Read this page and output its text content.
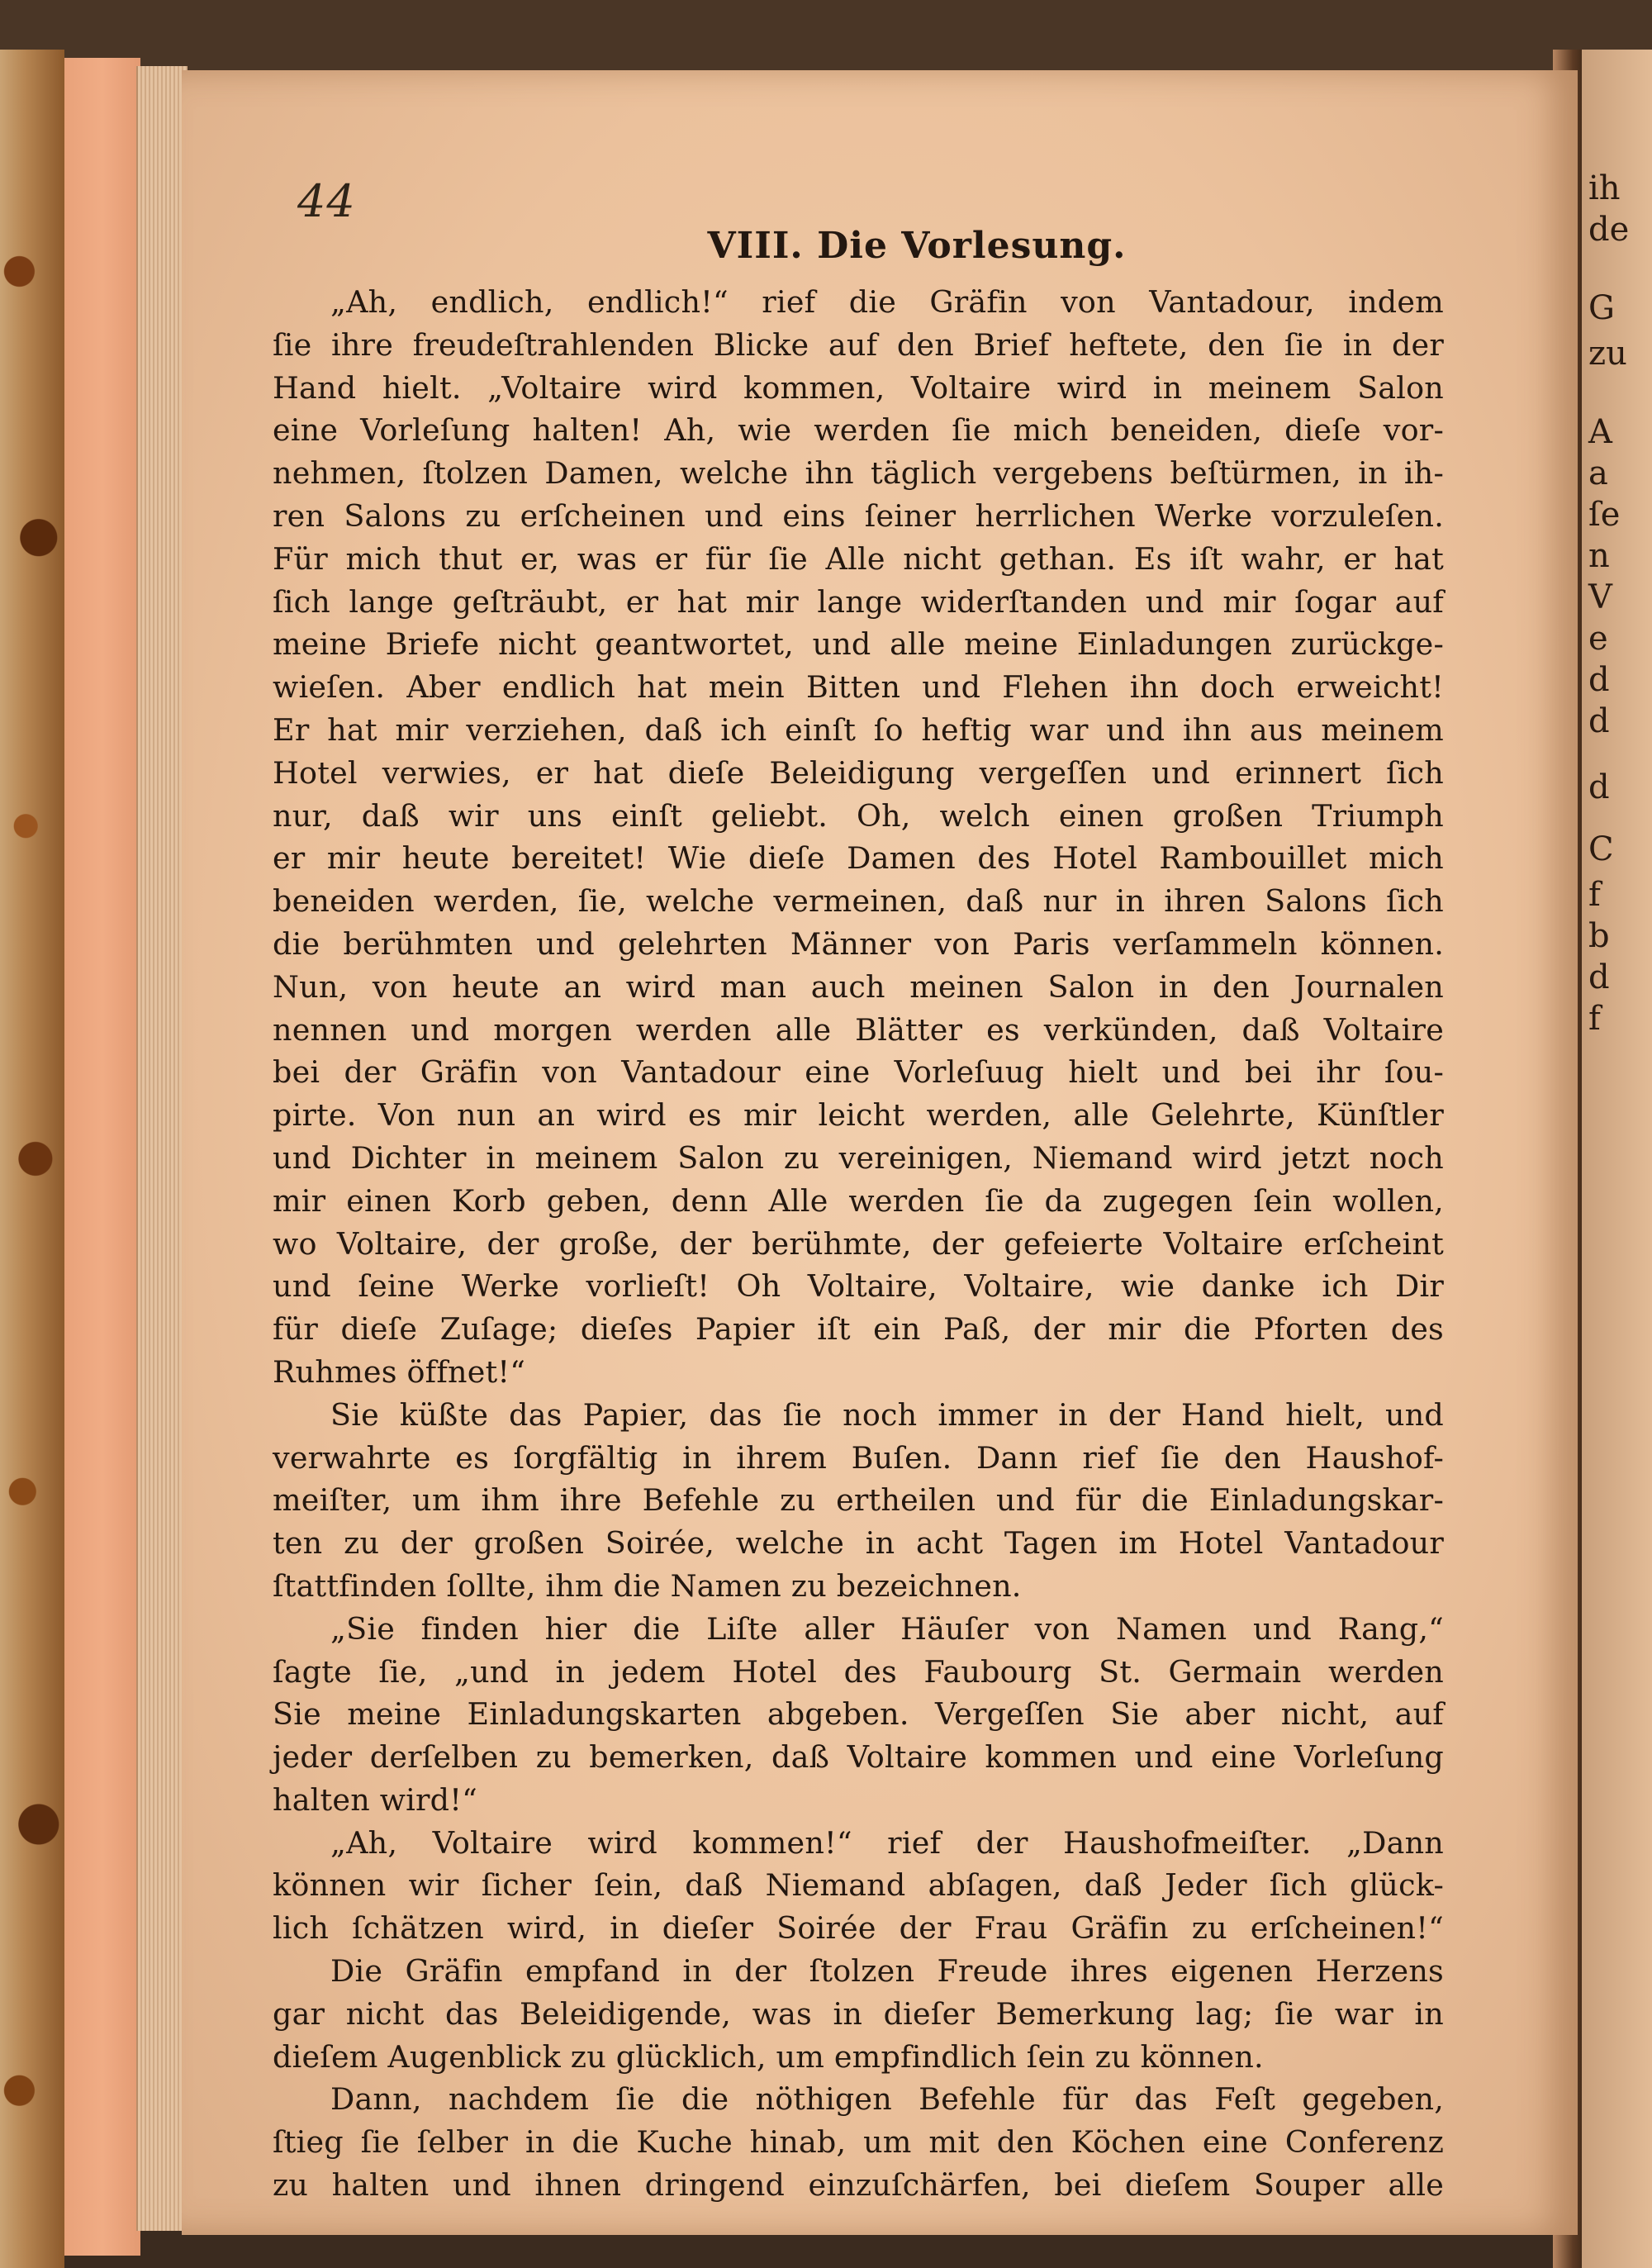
ih
de
G
zu
A
a
ſe
n
V
e
d
d
d
C
f
b
d
f
44
VIII. Die Vorlesung.
„Ah, endlich, endlich!“ rief die Gräfin von Vantadour, indem
ſie ihre freudeſtrahlenden Blicke auf den Brief heftete, den ſie in der
Hand hielt. „Voltaire wird kommen, Voltaire wird in meinem Salon
eine Vorleſung halten! Ah, wie werden ſie mich beneiden, dieſe vor-
nehmen, ſtolzen Damen, welche ihn täglich vergebens beſtürmen, in ih-
ren Salons zu erſcheinen und eins ſeiner herrlichen Werke vorzuleſen.
Für mich thut er, was er für ſie Alle nicht gethan. Es iſt wahr, er hat
ſich lange geſträubt, er hat mir lange widerſtanden und mir ſogar auf
meine Briefe nicht geantwortet, und alle meine Einladungen zurückge-
wieſen. Aber endlich hat mein Bitten und Flehen ihn doch erweicht!
Er hat mir verziehen, daß ich einſt ſo heftig war und ihn aus meinem
Hotel verwies, er hat dieſe Beleidigung vergeſſen und erinnert ſich
nur, daß wir uns einſt geliebt. Oh, welch einen großen Triumph
er mir heute bereitet! Wie dieſe Damen des Hotel Rambouillet mich
beneiden werden, ſie, welche vermeinen, daß nur in ihren Salons ſich
die berühmten und gelehrten Männer von Paris verſammeln können.
Nun, von heute an wird man auch meinen Salon in den Journalen
nennen und morgen werden alle Blätter es verkünden, daß Voltaire
bei der Gräfin von Vantadour eine Vorleſuug hielt und bei ihr ſou-
pirte. Von nun an wird es mir leicht werden, alle Gelehrte, Künſtler
und Dichter in meinem Salon zu vereinigen, Niemand wird jetzt noch
mir einen Korb geben, denn Alle werden ſie da zugegen ſein wollen,
wo Voltaire, der große, der berühmte, der gefeierte Voltaire erſcheint
und ſeine Werke vorlieſt! Oh Voltaire, Voltaire, wie danke ich Dir
für dieſe Zuſage; dieſes Papier iſt ein Paß, der mir die Pforten des
Ruhmes öffnet!“
Sie küßte das Papier, das ſie noch immer in der Hand hielt, und
verwahrte es ſorgfältig in ihrem Buſen. Dann rief ſie den Haushof-
meiſter, um ihm ihre Befehle zu ertheilen und für die Einladungskar-
ten zu der großen Soirée, welche in acht Tagen im Hotel Vantadour
ſtattfinden ſollte, ihm die Namen zu bezeichnen.
„Sie finden hier die Liſte aller Häuſer von Namen und Rang,“
ſagte ſie, „und in jedem Hotel des Faubourg St. Germain werden
Sie meine Einladungskarten abgeben. Vergeſſen Sie aber nicht, auf
jeder derſelben zu bemerken, daß Voltaire kommen und eine Vorleſung
halten wird!“
„Ah, Voltaire wird kommen!“ rief der Haushofmeiſter. „Dann
können wir ſicher ſein, daß Niemand abſagen, daß Jeder ſich glück-
lich ſchätzen wird, in dieſer Soirée der Frau Gräfin zu erſcheinen!“
Die Gräfin empfand in der ſtolzen Freude ihres eigenen Herzens
gar nicht das Beleidigende, was in dieſer Bemerkung lag; ſie war in
dieſem Augenblick zu glücklich, um empfindlich ſein zu können.
Dann, nachdem ſie die nöthigen Befehle für das Feſt gegeben,
ſtieg ſie ſelber in die Kuche hinab, um mit den Köchen eine Conferenz
zu halten und ihnen dringend einzuſchärfen, bei dieſem Souper alle
